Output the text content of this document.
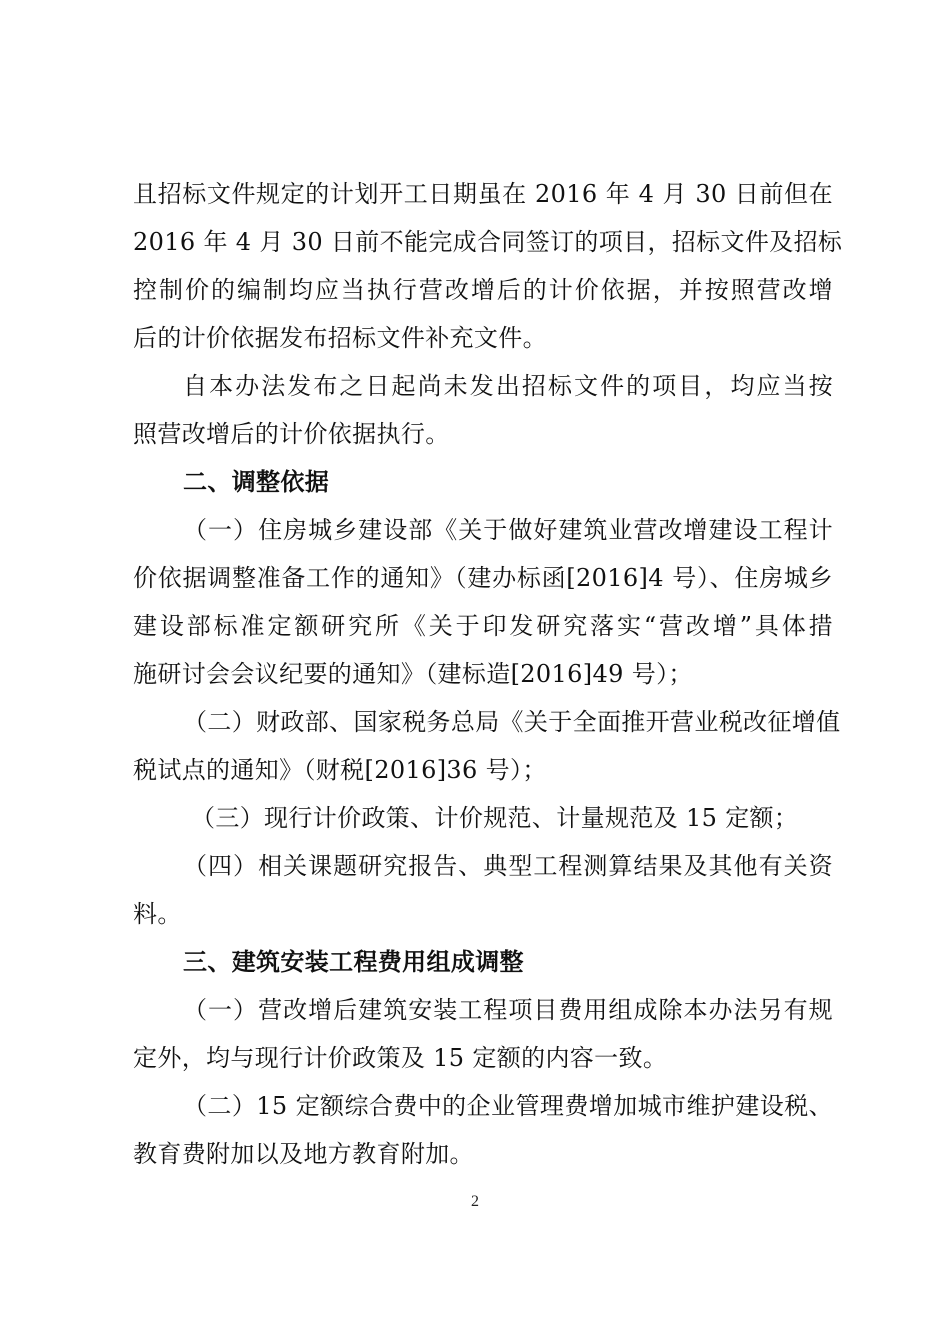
且招标文件规定的计划开工日期虽在 2016 年 4 月 30 日前但在
2016 年 4 月 30 日前不能完成合同签订的项目，招标文件及招标
控制价的编制均应当执行营改增后的计价依据，并按照营改增
后的计价依据发布招标文件补充文件。
自本办法发布之日起尚未发出招标文件的项目，均应当按
照营改增后的计价依据执行。
二、调整依据
（一）住房城乡建设部《关于做好建筑业营改增建设工程计
价依据调整准备工作的通知》（建办标函[2016]4 号）、住房城乡
建设部标准定额研究所《关于印发研究落实“营改增”具体措
施研讨会会议纪要的通知》（建标造[2016]49 号）；
（二）财政部、国家税务总局《关于全面推开营业税改征增值
税试点的通知》（财税[2016]36 号）；
（三）现行计价政策、计价规范、计量规范及 15 定额；
（四）相关课题研究报告、典型工程测算结果及其他有关资
料。
三、建筑安装工程费用组成调整
（一）营改增后建筑安装工程项目费用组成除本办法另有规
定外，均与现行计价政策及 15 定额的内容一致。
（二）15 定额综合费中的企业管理费增加城市维护建设税、
教育费附加以及地方教育附加。
2
